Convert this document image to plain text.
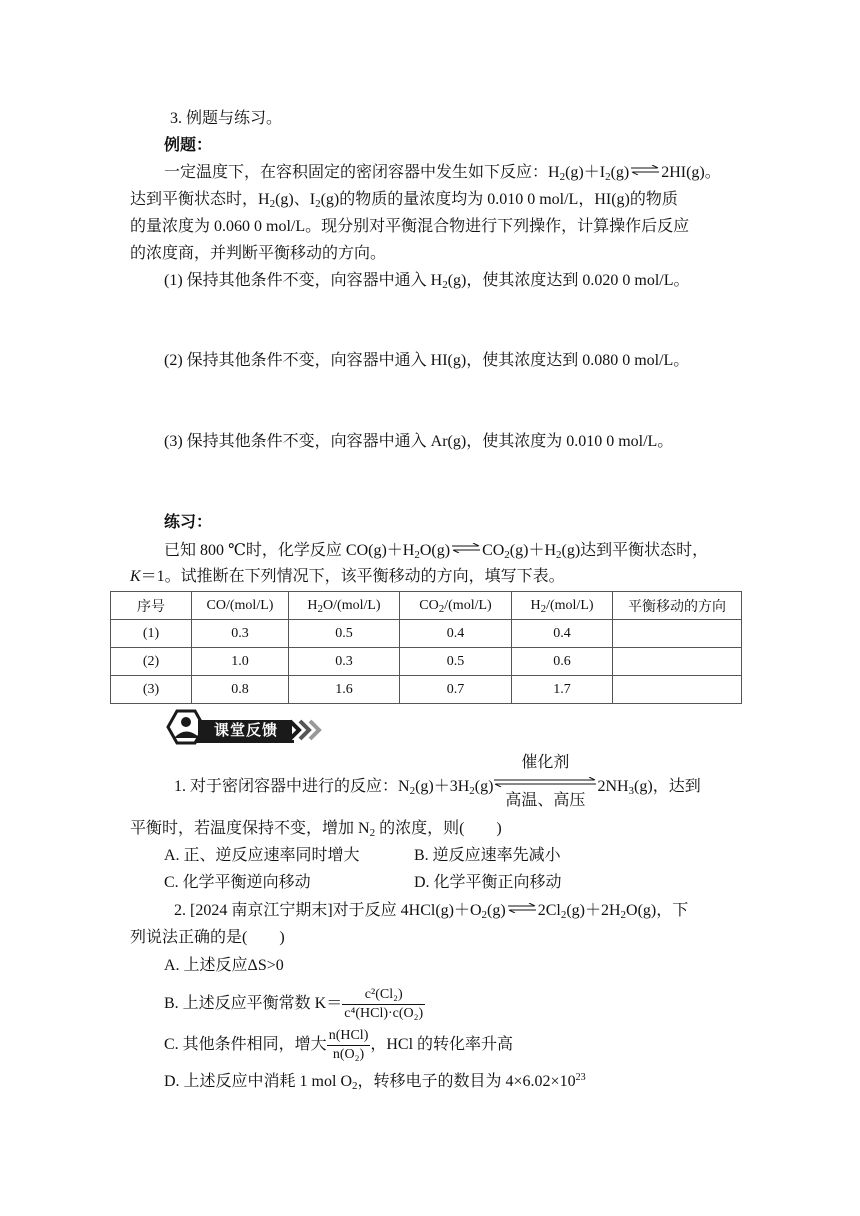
3. 例题与练习。
例题：
一定温度下，在容积固定的密闭容器中发生如下反应：$H_2(g)+I_2(g)\rightleftharpoons 2HI(g)$。
达到平衡状态时，$H_2(g)$、$I_2(g)$的物质的量浓度均为 0.010 0 mol/L，HI(g)的物质
的量浓度为 0.060 0 mol/L。现分别对平衡混合物进行下列操作，计算操作后反应
的浓度商，并判断平衡移动的方向。
(1) 保持其他条件不变，向容器中通入 $H_2(g)$，使其浓度达到 0.020 0 mol/L。
(2) 保持其他条件不变，向容器中通入 HI(g)，使其浓度达到 0.080 0 mol/L。
(3) 保持其他条件不变，向容器中通入 Ar(g)，使其浓度为 0.010 0 mol/L。
练习：
已知 800 ℃时，化学反应 $CO(g)+H_2O(g)\rightleftharpoons CO_2(g)+H_2(g)$达到平衡状态时，
K＝1。试推断在下列情况下，该平衡移动的方向，填写下表。
序号	CO/(mol/L)	$H_2O/(mol/L)$	$CO_2/(mol/L)$	$H_2/(mol/L)$	平衡移动的方向
(1)	0.3	0.5	0.4	0.4	
(2)	1.0	0.3	0.5	0.6	
(3)	0.8	1.6	0.7	1.7	
课堂反馈
1. 对于密闭容器中进行的反应：$N_2(g)+3H_2(g)$
催化剂
高温、高压
$2NH_3(g)$，达到
平衡时，若温度保持不变，增加 $N_2$ 的浓度，则(　　)
A. 正、逆反应速率同时增大	B. 逆反应速率先减小
C. 化学平衡逆向移动	D. 化学平衡正向移动
2. [2024 南京江宁期末]对于反应 $4HCl(g)+O_2(g)\rightleftharpoons 2Cl_2(g)+2H_2O(g)$，下
列说法正确的是(　　)
A. 上述反应ΔS>0
B. 上述反应平衡常数 $K= \frac{\text{c²(Cl₂)}}{\text{c⁴(HCl)·c(O₂)}}$
C. 其他条件相同，增大 $\frac{\text{n(HCl)}}{\text{n(O₂)}}$ ，HCl 的转化率升高
D. 上述反应中消耗 1 mol $O_2$，转移电子的数目为 $4\times 6.02\times 10^{23}$
